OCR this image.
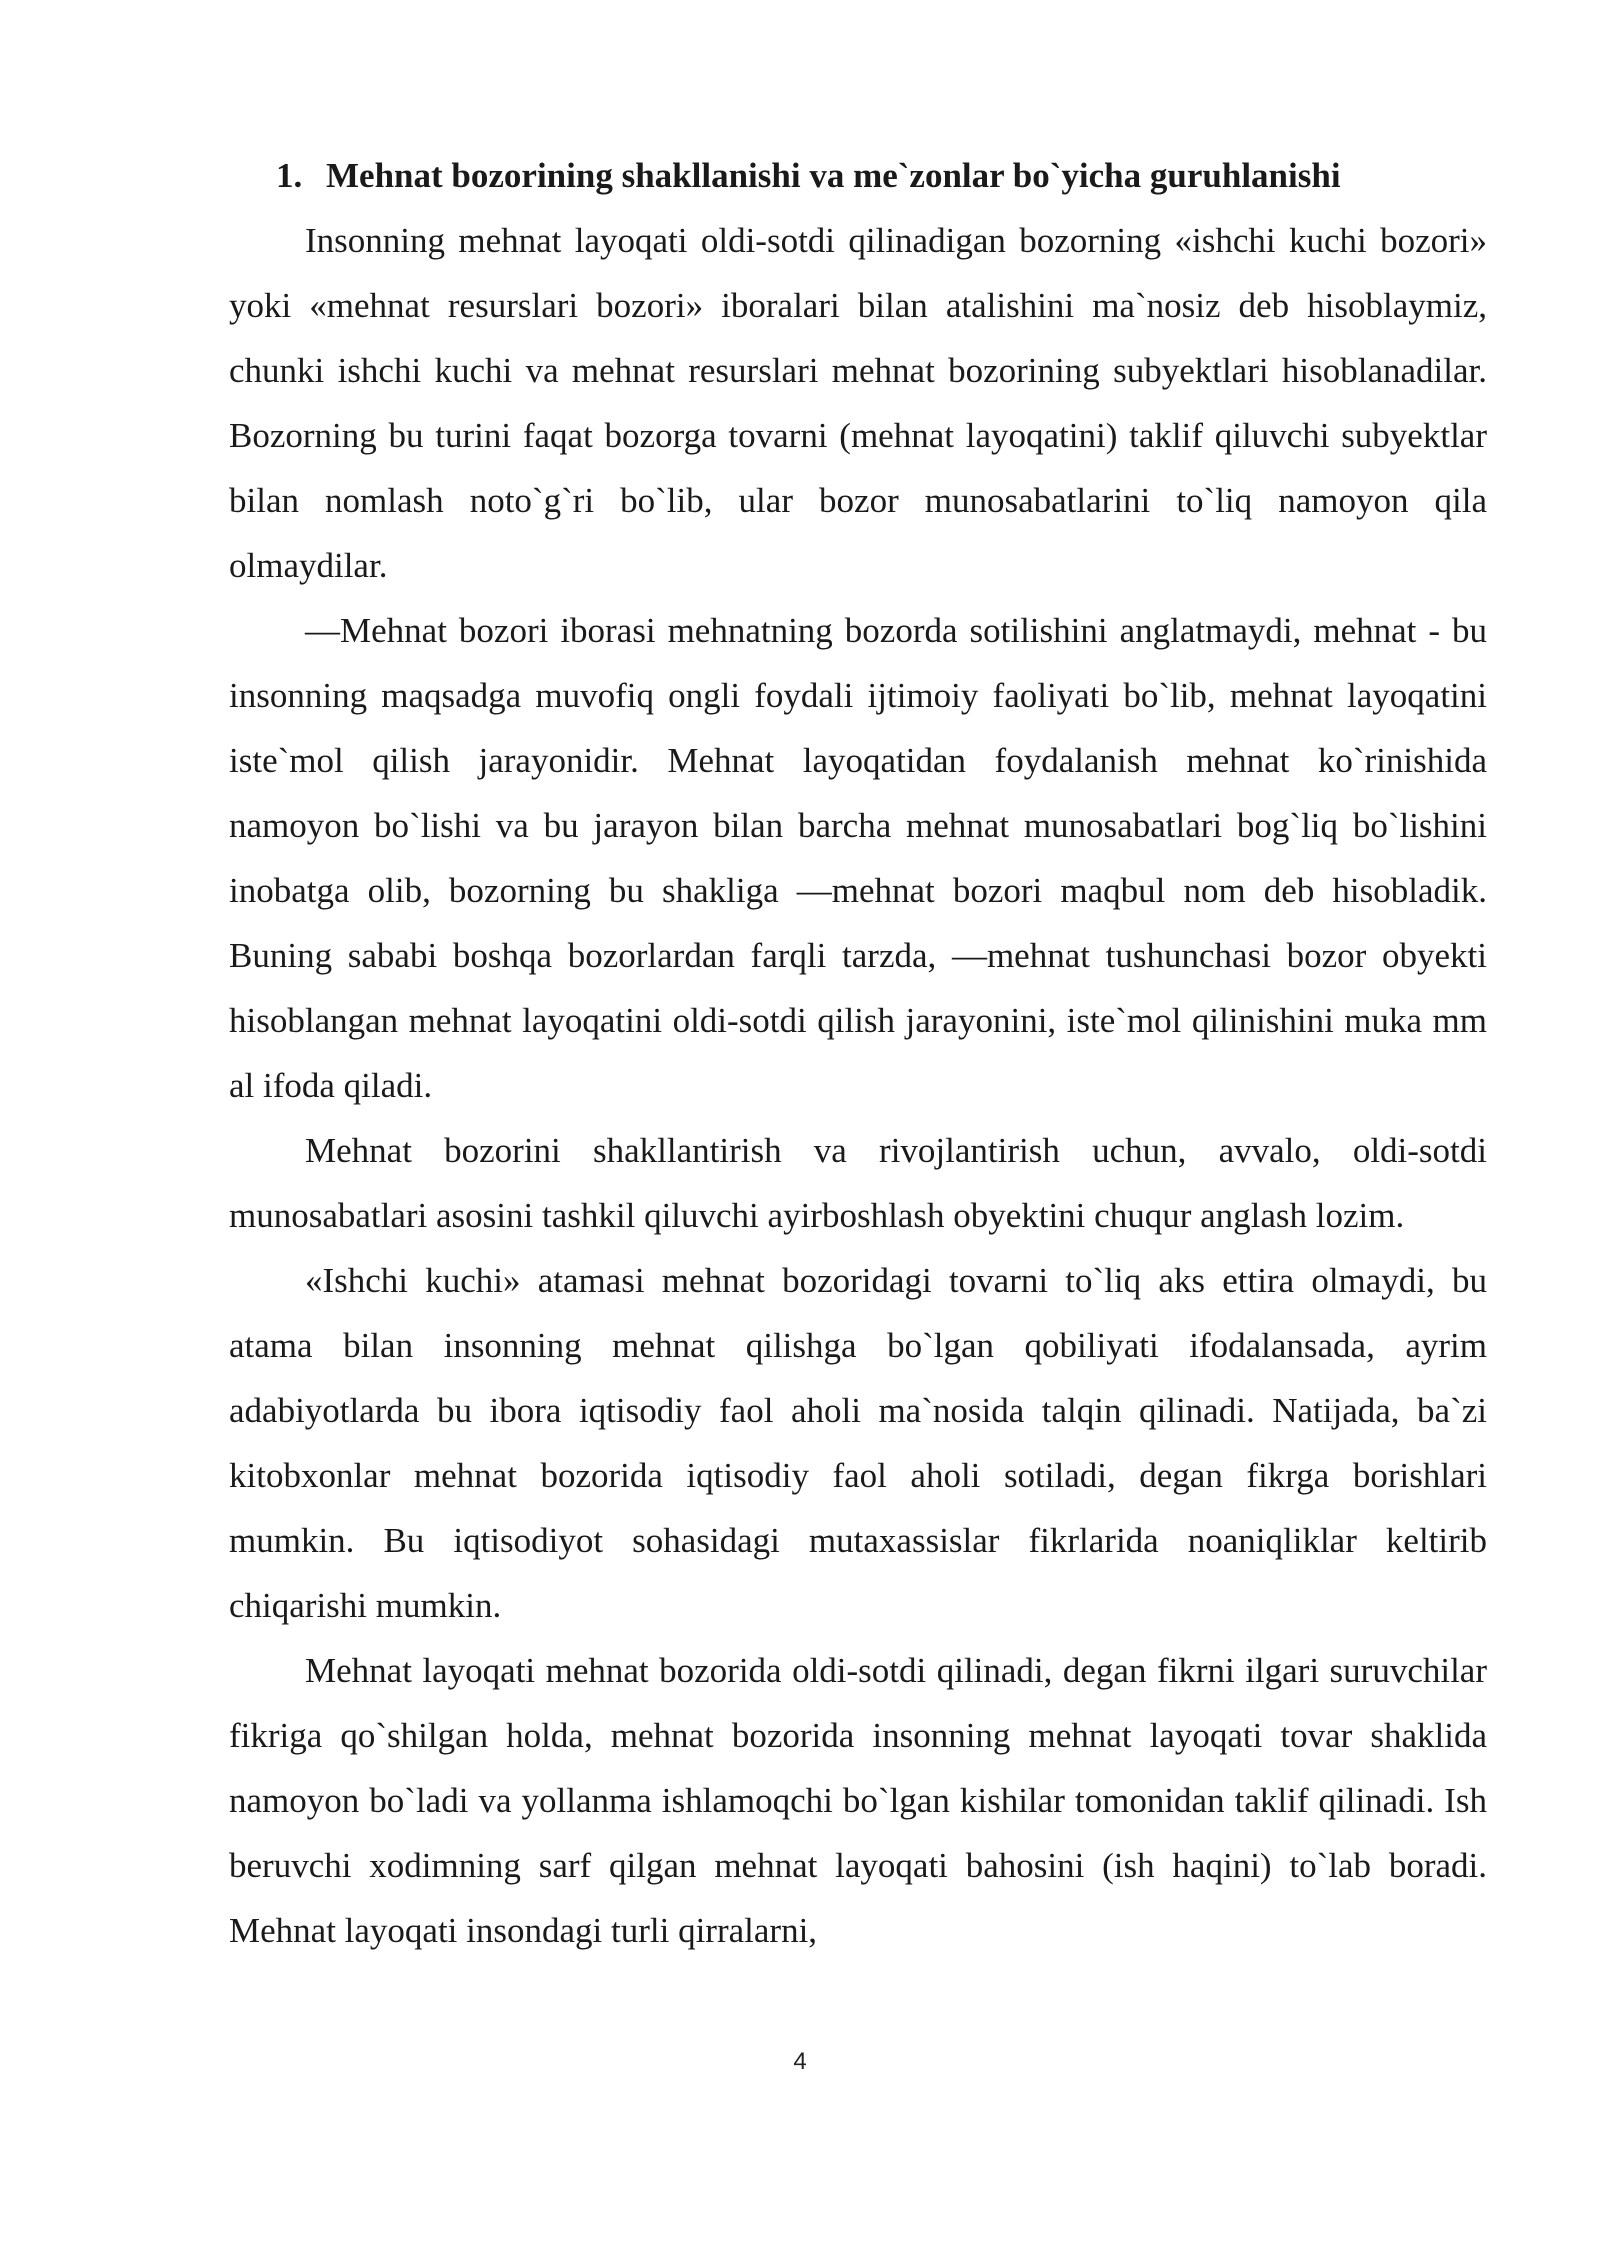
1. Mehnat bozorining shakllanishi va me`zonlar bo`yicha guruhlanishi

Insonning mehnat layoqati oldi-sotdi qilinadigan bozorning «ishchi kuchi bozori» yoki «mehnat resurslari bozori» iboralari bilan atalishini ma`nosiz deb hisoblaymiz, chunki ishchi kuchi va mehnat resurslari mehnat bozorining subyektlari hisoblanadilar. Bozorning bu turini faqat bozorga tovarni (mehnat layoqatini) taklif qiluvchi subyektlar bilan nomlash noto`g`ri bo`lib, ular bozor munosabatlarini to`liq namoyon qila olmaydilar.

―Mehnat bozori iborasi mehnatning bozorda sotilishini anglatmaydi, mehnat - bu insonning maqsadga muvofiq ongli foydali ijtimoiy faoliyati bo`lib, mehnat layoqatini iste`mol qilish jarayonidir. Mehnat layoqatidan foydalanish mehnat ko`rinishida namoyon bo`lishi va bu jarayon bilan barcha mehnat munosabatlari bog`liq bo`lishini inobatga olib, bozorning bu shakliga ―mehnat bozori maqbul nom deb hisobladik. Buning sababi boshqa bozorlardan farqli tarzda, ―mehnat tushunchasi bozor obyekti hisoblangan mehnat layoqatini oldi-sotdi qilish jarayonini, iste`mol qilinishini muka mm al ifoda qiladi.

Mehnat bozorini shakllantirish va rivojlantirish uchun, avvalo, oldi-sotdi munosabatlari asosini tashkil qiluvchi ayirboshlash obyektini chuqur anglash lozim.

«Ishchi kuchi» atamasi mehnat bozoridagi tovarni to`liq aks ettira olmaydi, bu atama bilan insonning mehnat qilishga bo`lgan qobiliyati ifodalansada, ayrim adabiyotlarda bu ibora iqtisodiy faol aholi ma`nosida talqin qilinadi. Natijada, ba`zi kitobxonlar mehnat bozorida iqtisodiy faol aholi sotiladi, degan fikrga borishlari mumkin. Bu iqtisodiyot sohasidagi mutaxassislar fikrlarida noaniqliklar keltirib chiqarishi mumkin.

Mehnat layoqati mehnat bozorida oldi-sotdi qilinadi, degan fikrni ilgari suruvchilar fikriga qo`shilgan holda, mehnat bozorida insonning mehnat layoqati tovar shaklida namoyon bo`ladi va yollanma ishlamoqchi bo`lgan kishilar tomonidan taklif qilinadi. Ish beruvchi xodimning sarf qilgan mehnat layoqati bahosini (ish haqini) to`lab boradi. Mehnat layoqati insondagi turli qirralarni,

4
